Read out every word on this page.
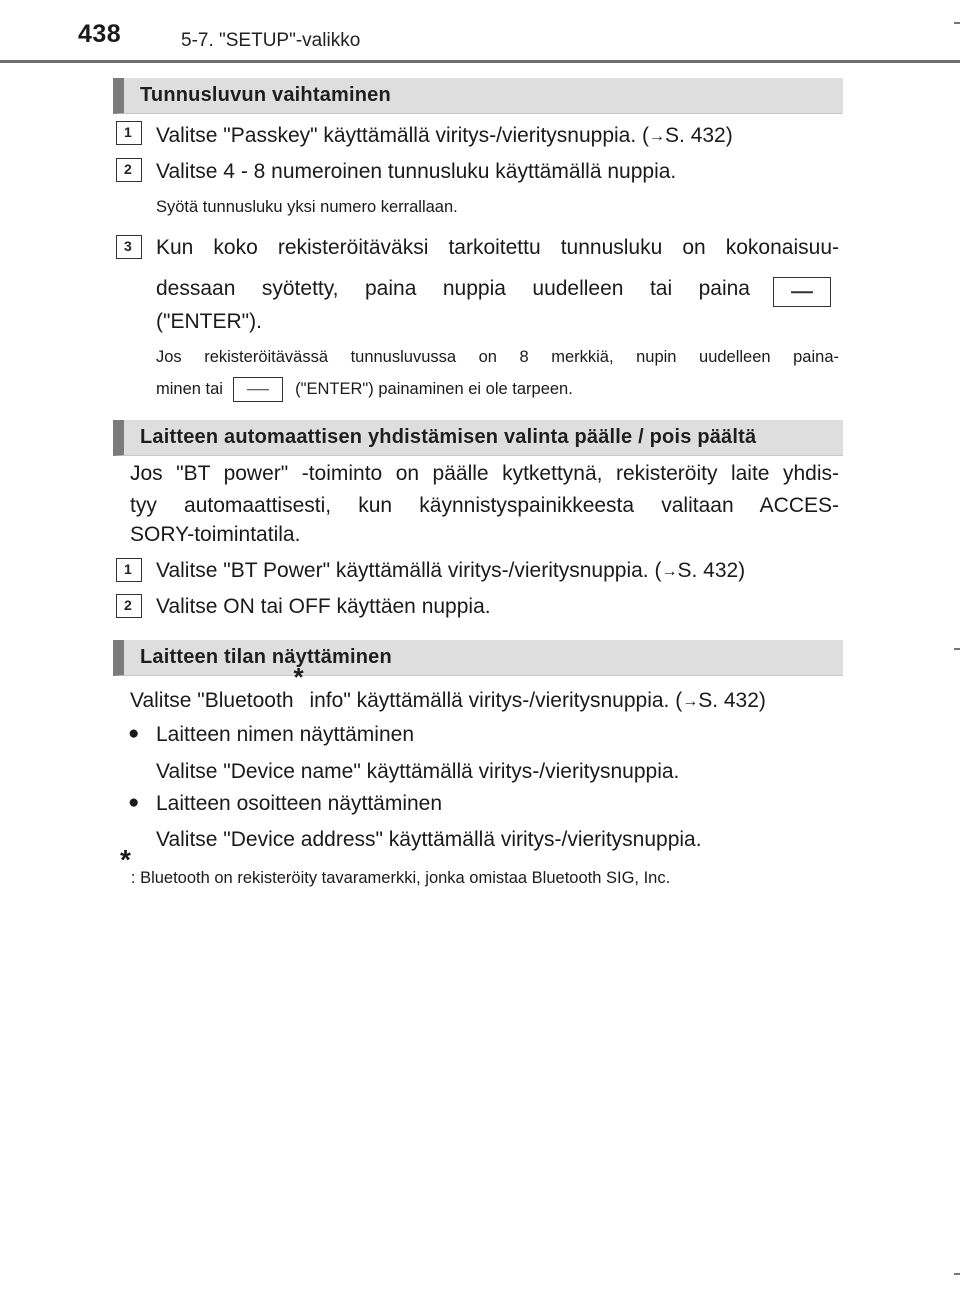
438	5-7. "SETUP"-valikko
Tunnusluvun vaihtaminen
1 Valitse "Passkey" käyttämällä viritys-/vieritysnuppia. (→S. 432)
2 Valitse 4 - 8 numeroinen tunnusluku käyttämällä nuppia.
Syötä tunnusluku yksi numero kerrallaan.
3 Kun koko rekisteröitäväksi tarkoitettu tunnusluku on kokonaisuu-
dessaan syötetty, paina nuppia uudelleen tai paina
("ENTER").
Jos rekisteröitävässä tunnusluvussa on 8 merkkiä, nupin uudelleen paina-
minen tai	("ENTER") painaminen ei ole tarpeen.
Laitteen automaattisen yhdistämisen valinta päälle / pois päältä
Jos "BT power" -toiminto on päälle kytkettynä, rekisteröity laite yhdis-
tyy automaattisesti, kun käynnistyspainikkeesta valitaan ACCES-
SORY-toimintatila.
1 Valitse "BT Power" käyttämällä viritys-/vieritysnuppia. (→S. 432)
2 Valitse ON tai OFF käyttäen nuppia.
Laitteen tilan näyttäminen
Valitse "Bluetooth* info" käyttämällä viritys-/vieritysnuppia. (→S. 432)
● Laitteen nimen näyttäminen
Valitse "Device name" käyttämällä viritys-/vieritysnuppia.
● Laitteen osoitteen näyttäminen
Valitse "Device address" käyttämällä viritys-/vieritysnuppia.
*: Bluetooth on rekisteröity tavaramerkki, jonka omistaa Bluetooth SIG, Inc.
